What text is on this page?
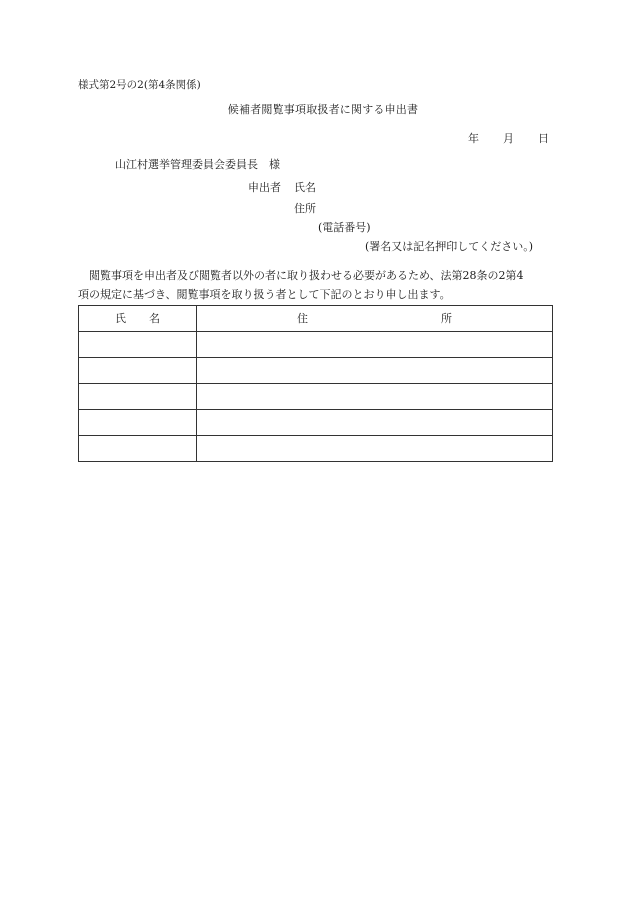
様式第2号の2(第4条関係)
候補者閲覧事項取扱者に関する申出書
年 月 日
山江村選挙管理委員会委員長　様
申出者 氏名
住所
(電話番号)
(署名又は記名押印してください。)
閲覧事項を申出者及び閲覧者以外の者に取り扱わせる必要があるため、法第28条の2第4
項の規定に基づき、閲覧事項を取り扱う者として下記のとおり申し出ます。
氏 名	住 所
